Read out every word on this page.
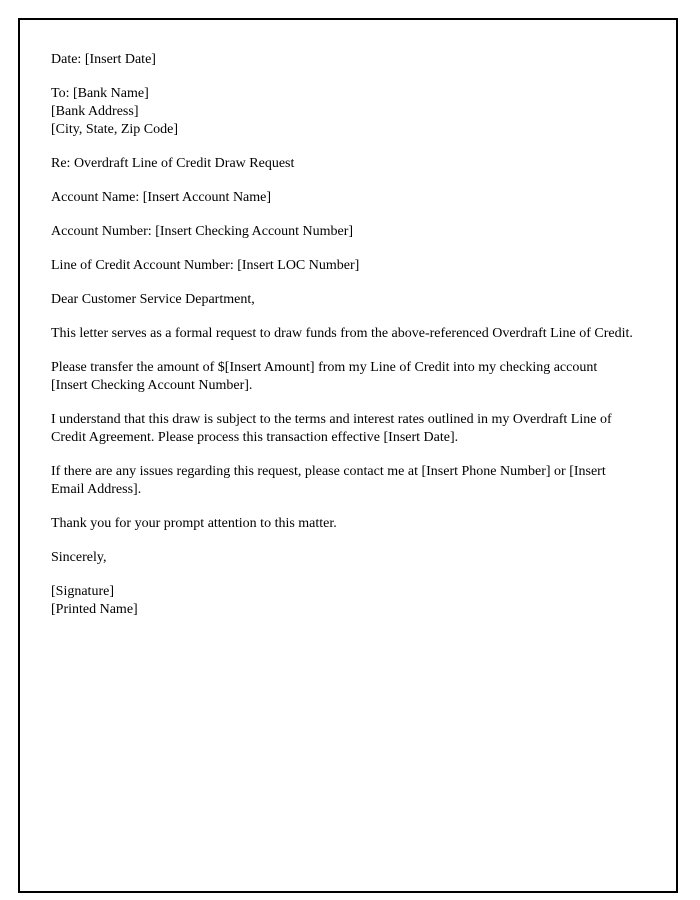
Date: [Insert Date]

To: [Bank Name]
[Bank Address]
[City, State, Zip Code]

Re: Overdraft Line of Credit Draw Request

Account Name: [Insert Account Name]

Account Number: [Insert Checking Account Number]

Line of Credit Account Number: [Insert LOC Number]

Dear Customer Service Department,

This letter serves as a formal request to draw funds from the above-referenced Overdraft Line of Credit.

Please transfer the amount of $[Insert Amount] from my Line of Credit into my checking account [Insert Checking Account Number].

I understand that this draw is subject to the terms and interest rates outlined in my Overdraft Line of Credit Agreement. Please process this transaction effective [Insert Date].

If there are any issues regarding this request, please contact me at [Insert Phone Number] or [Insert Email Address].

Thank you for your prompt attention to this matter.

Sincerely,

[Signature]
[Printed Name]
